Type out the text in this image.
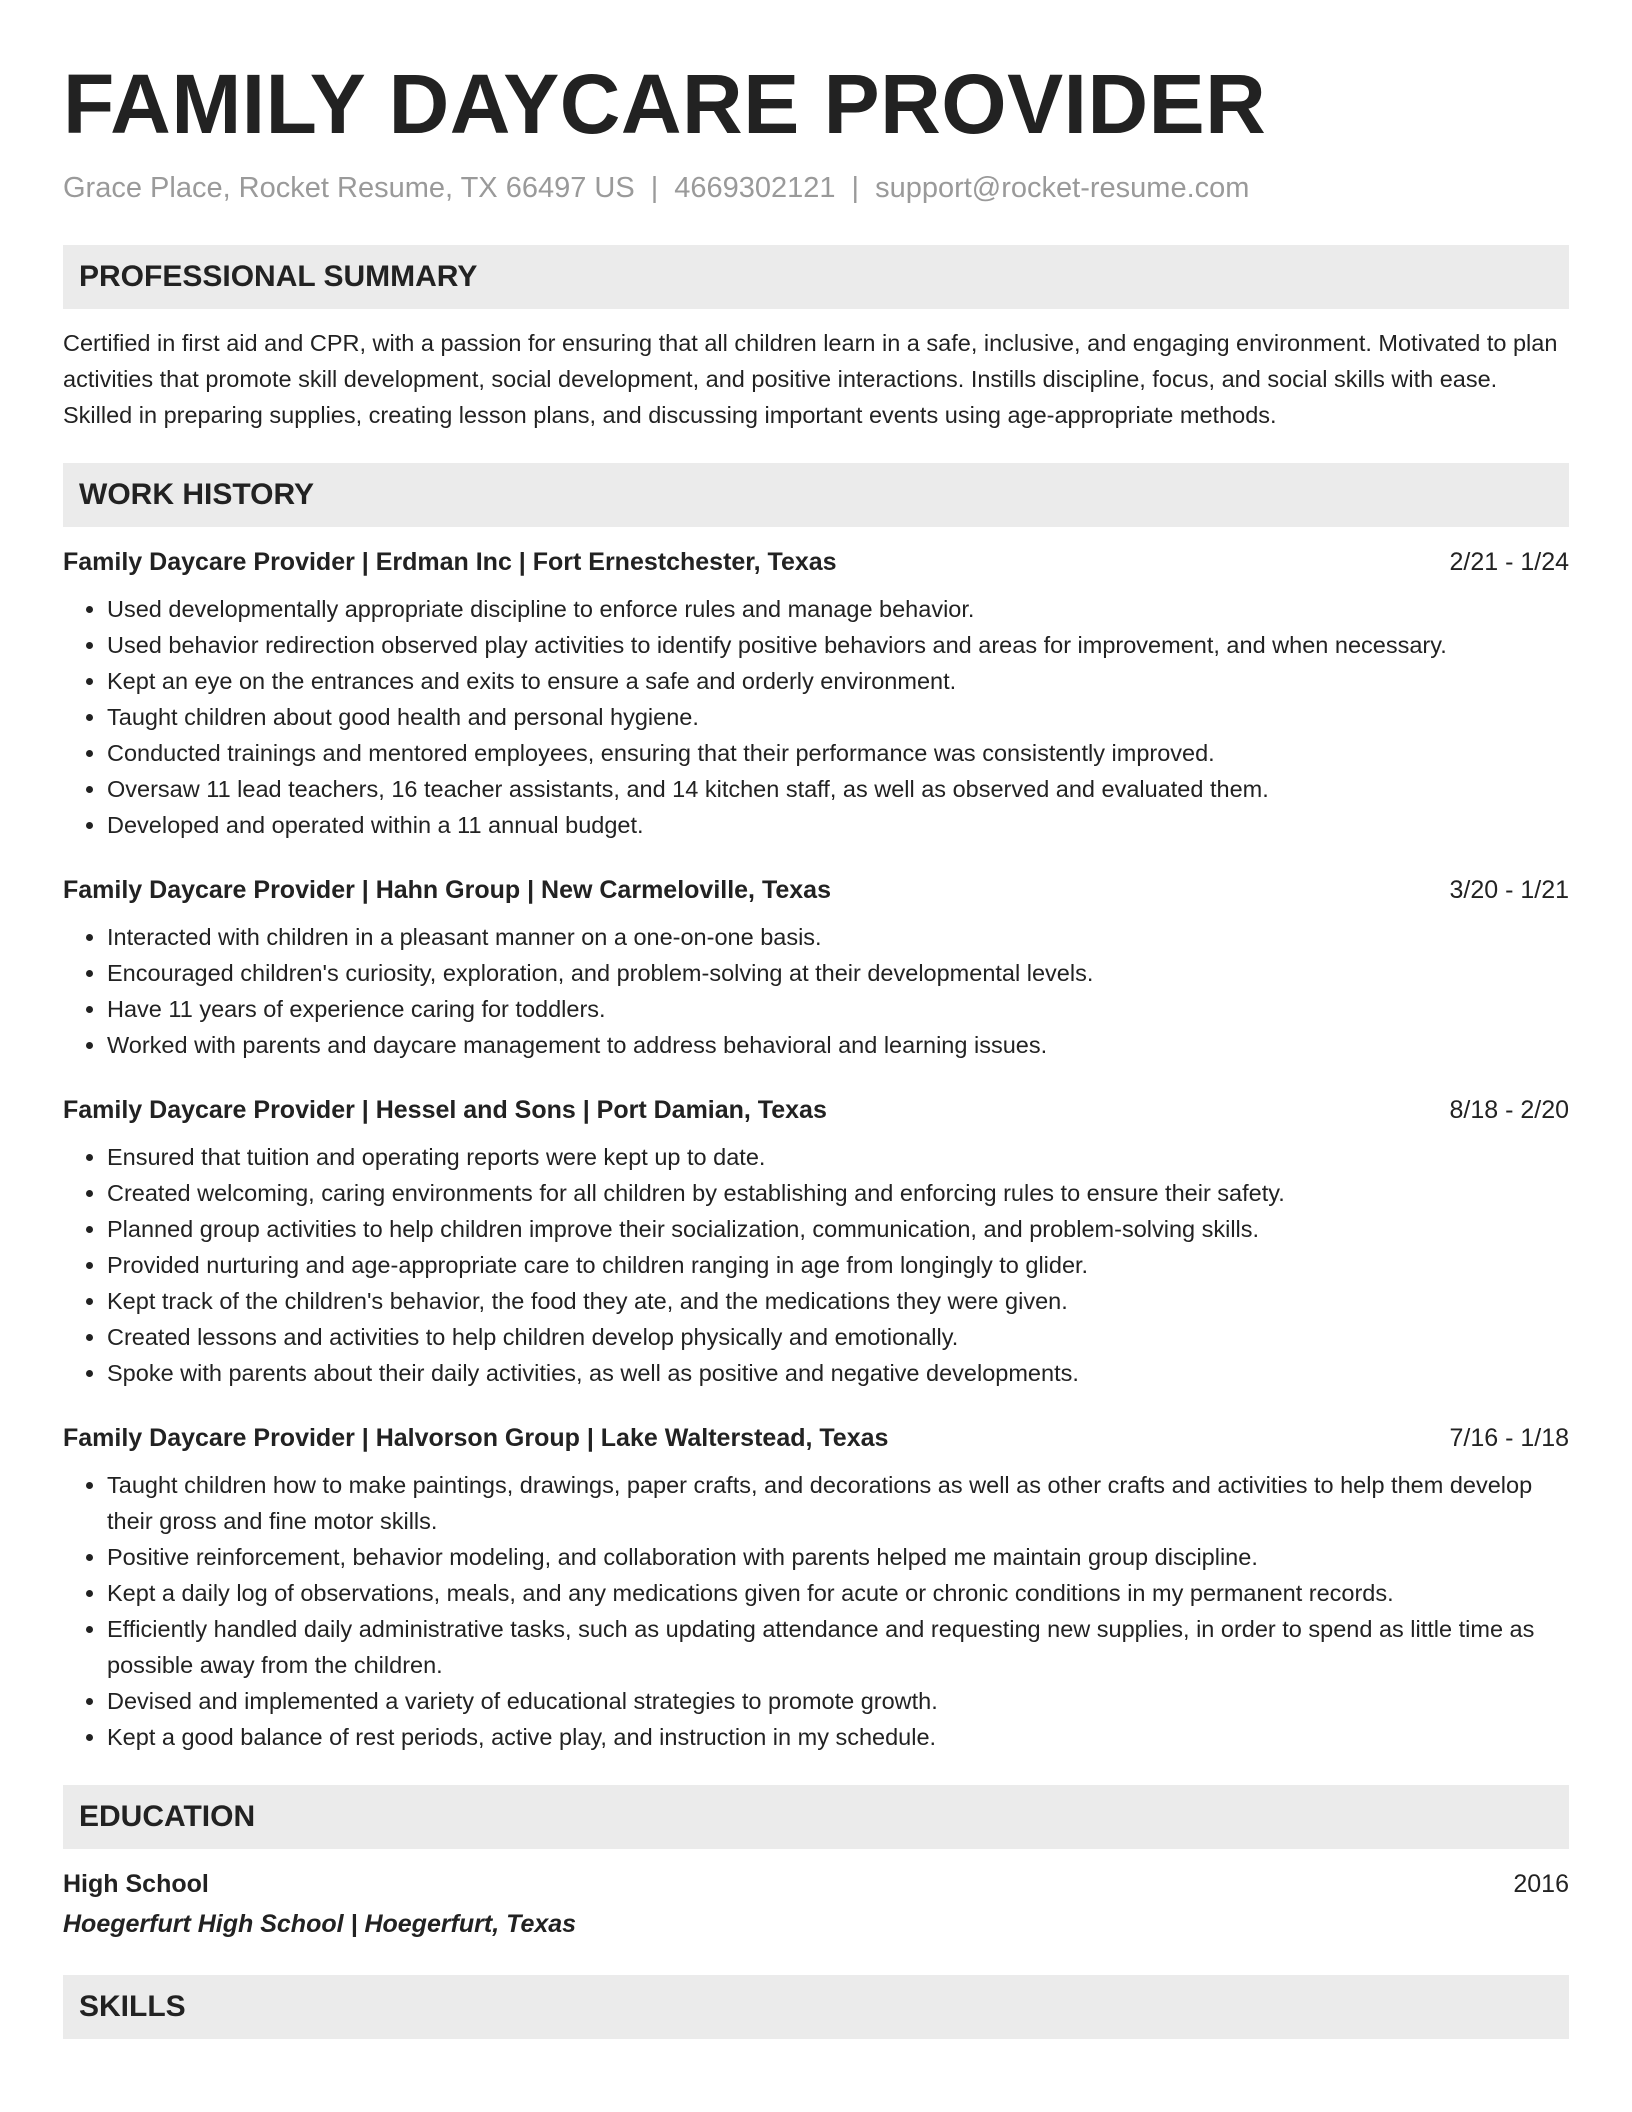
FAMILY DAYCARE PROVIDER
Grace Place, Rocket Resume, TX 66497 US | 4669302121 | support@rocket-resume.com
PROFESSIONAL SUMMARY

Certified in first aid and CPR, with a passion for ensuring that all children learn in a safe, inclusive, and engaging environment. Motivated to plan activities that promote skill development, social development, and positive interactions. Instills discipline, focus, and social skills with ease. Skilled in preparing supplies, creating lesson plans, and discussing important events using age-appropriate methods.

WORK HISTORY
Family Daycare Provider | Erdman Inc | Fort Ernestchester, Texas	2/21 - 1/24
• Used developmentally appropriate discipline to enforce rules and manage behavior.
• Used behavior redirection observed play activities to identify positive behaviors and areas for improvement, and when necessary.
• Kept an eye on the entrances and exits to ensure a safe and orderly environment.
• Taught children about good health and personal hygiene.
• Conducted trainings and mentored employees, ensuring that their performance was consistently improved.
• Oversaw 11 lead teachers, 16 teacher assistants, and 14 kitchen staff, as well as observed and evaluated them.
• Developed and operated within a 11 annual budget.
Family Daycare Provider | Hahn Group | New Carmeloville, Texas	3/20 - 1/21
• Interacted with children in a pleasant manner on a one-on-one basis.
• Encouraged children's curiosity, exploration, and problem-solving at their developmental levels.
• Have 11 years of experience caring for toddlers.
• Worked with parents and daycare management to address behavioral and learning issues.
Family Daycare Provider | Hessel and Sons | Port Damian, Texas	8/18 - 2/20
• Ensured that tuition and operating reports were kept up to date.
• Created welcoming, caring environments for all children by establishing and enforcing rules to ensure their safety.
• Planned group activities to help children improve their socialization, communication, and problem-solving skills.
• Provided nurturing and age-appropriate care to children ranging in age from longingly to glider.
• Kept track of the children's behavior, the food they ate, and the medications they were given.
• Created lessons and activities to help children develop physically and emotionally.
• Spoke with parents about their daily activities, as well as positive and negative developments.
Family Daycare Provider | Halvorson Group | Lake Walterstead, Texas	7/16 - 1/18
• Taught children how to make paintings, drawings, paper crafts, and decorations as well as other crafts and activities to help them develop their gross and fine motor skills.
• Positive reinforcement, behavior modeling, and collaboration with parents helped me maintain group discipline.
• Kept a daily log of observations, meals, and any medications given for acute or chronic conditions in my permanent records.
• Efficiently handled daily administrative tasks, such as updating attendance and requesting new supplies, in order to spend as little time as possible away from the children.
• Devised and implemented a variety of educational strategies to promote growth.
• Kept a good balance of rest periods, active play, and instruction in my schedule.
EDUCATION
High School	2016
Hoegerfurt High School | Hoegerfurt, Texas
SKILLS
